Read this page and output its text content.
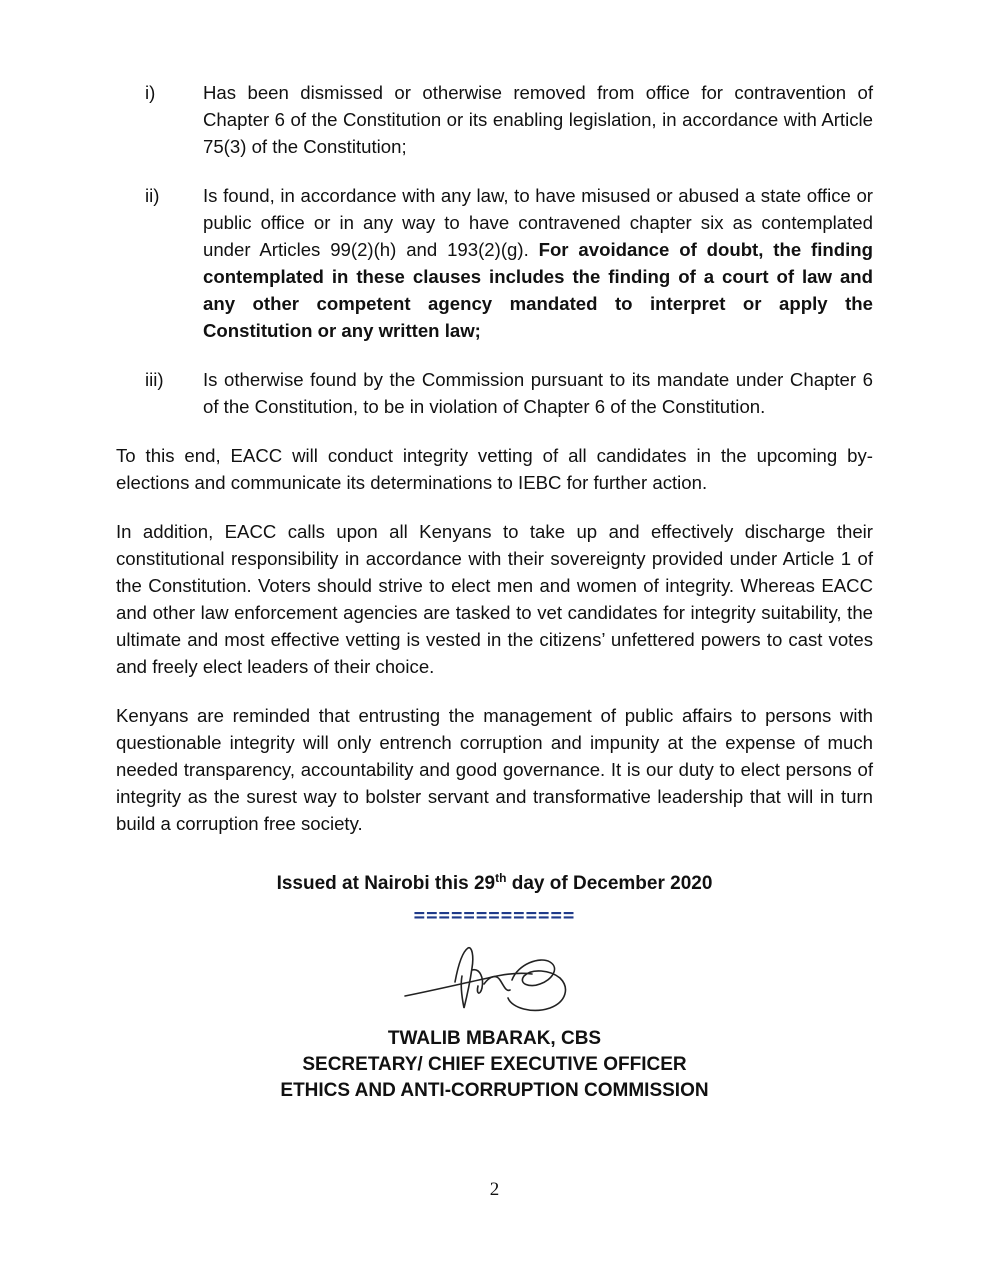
i)	Has been dismissed or otherwise removed from office for contravention of Chapter 6 of the Constitution or its enabling legislation, in accordance with Article 75(3) of the Constitution;
ii) Is found, in accordance with any law, to have misused or abused a state office or public office or in any way to have contravened chapter six as contemplated under Articles 99(2)(h) and 193(2)(g). For avoidance of doubt, the finding contemplated in these clauses includes the finding of a court of law and any other competent agency mandated to interpret or apply the Constitution or any written law;
iii) Is otherwise found by the Commission pursuant to its mandate under Chapter 6 of the Constitution, to be in violation of Chapter 6 of the Constitution.
To this end, EACC will conduct integrity vetting of all candidates in the upcoming by-elections and communicate its determinations to IEBC for further action.
In addition, EACC calls upon all Kenyans to take up and effectively discharge their constitutional responsibility in accordance with their sovereignty provided under Article 1 of the Constitution. Voters should strive to elect men and women of integrity. Whereas EACC and other law enforcement agencies are tasked to vet candidates for integrity suitability, the ultimate and most effective vetting is vested in the citizens’ unfettered powers to cast votes and freely elect leaders of their choice.
Kenyans are reminded that entrusting the management of public affairs to persons with questionable integrity will only entrench corruption and impunity at the expense of much needed transparency, accountability and good governance. It is our duty to elect persons of integrity as the surest way to bolster servant and transformative leadership that will in turn build a corruption free society.
Issued at Nairobi this 29th day of December 2020
=============
TWALIB MBARAK, CBS
SECRETARY/ CHIEF EXECUTIVE OFFICER
ETHICS AND ANTI-CORRUPTION COMMISSION
2
